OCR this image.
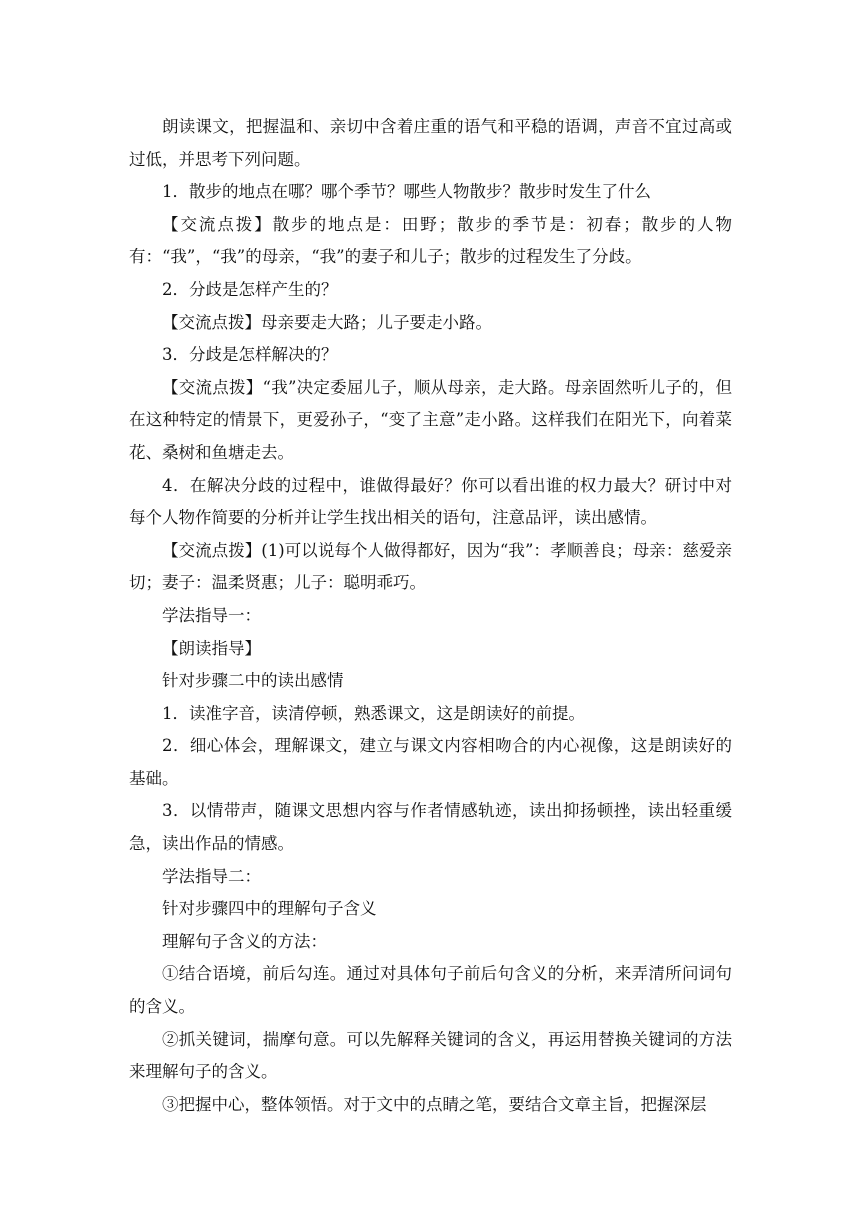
朗读课文，把握温和、亲切中含着庄重的语气和平稳的语调，声音不宜过高或过低，并思考下列问题。

1．散步的地点在哪？哪个季节？哪些人物散步？散步时发生了什么

【交流点拨】散步的地点是：田野；散步的季节是：初春；散步的人物有：“我”，“我”的母亲，“我”的妻子和儿子；散步的过程发生了分歧。

2．分歧是怎样产生的？

【交流点拨】母亲要走大路；儿子要走小路。

3．分歧是怎样解决的？

【交流点拨】“我”决定委屈儿子，顺从母亲，走大路。母亲固然听儿子的，但在这种特定的情景下，更爱孙子，“变了主意”走小路。这样我们在阳光下，向着菜花、桑树和鱼塘走去。

4．在解决分歧的过程中，谁做得最好？你可以看出谁的权力最大？研讨中对每个人物作简要的分析并让学生找出相关的语句，注意品评，读出感情。

【交流点拨】(1)可以说每个人做得都好，因为“我”：孝顺善良；母亲：慈爱亲切；妻子：温柔贤惠；儿子：聪明乖巧。

学法指导一：

【朗读指导】

针对步骤二中的读出感情

1．读准字音，读清停顿，熟悉课文，这是朗读好的前提。

2．细心体会，理解课文，建立与课文内容相吻合的内心视像，这是朗读好的基础。

3．以情带声，随课文思想内容与作者情感轨迹，读出抑扬顿挫，读出轻重缓急，读出作品的情感。

学法指导二：

针对步骤四中的理解句子含义

理解句子含义的方法：

①结合语境，前后勾连。通过对具体句子前后句含义的分析，来弄清所问词句的含义。

②抓关键词，揣摩句意。可以先解释关键词的含义，再运用替换关键词的方法来理解句子的含义。

③把握中心，整体领悟。对于文中的点睛之笔，要结合文章主旨，把握深层
